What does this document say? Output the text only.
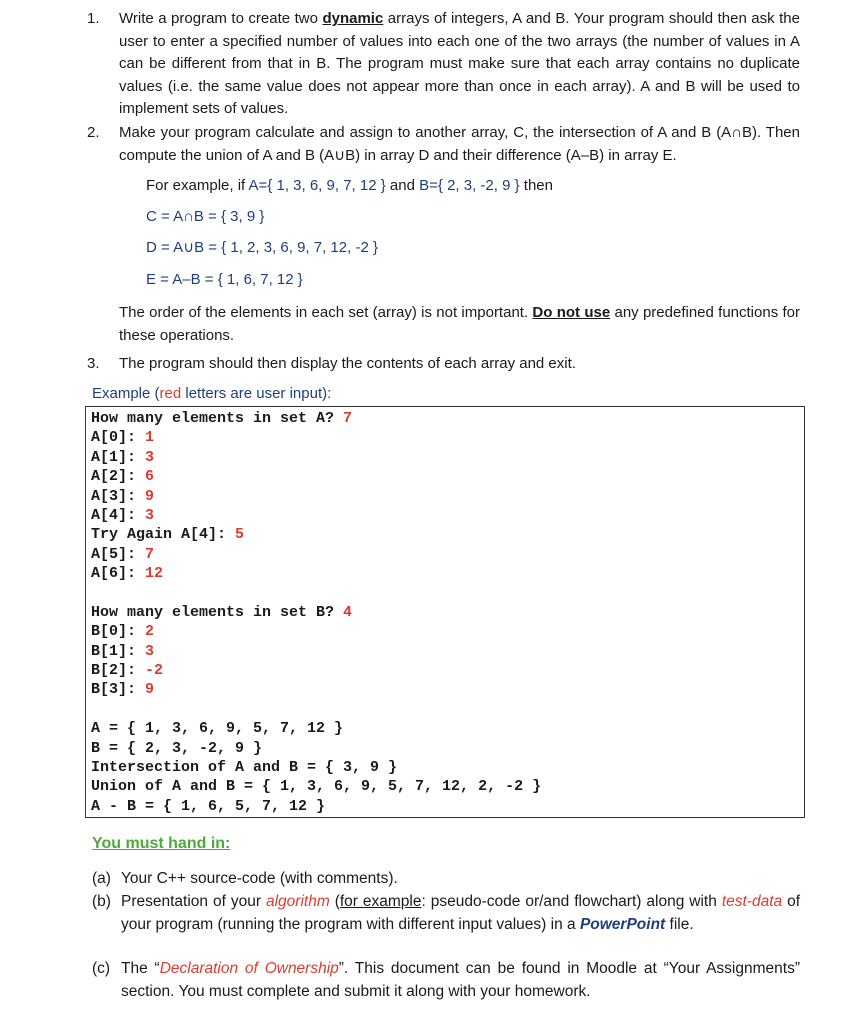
1. Write a program to create two dynamic arrays of integers, A and B. Your program should then ask the user to enter a specified number of values into each one of the two arrays (the number of values in A can be different from that in B. The program must make sure that each array contains no duplicate values (i.e. the same value does not appear more than once in each array). A and B will be used to implement sets of values.
2. Make your program calculate and assign to another array, C, the intersection of A and B (A∩B). Then compute the union of A and B (A∪B) in array D and their difference (A–B) in array E.
For example, if A={ 1, 3, 6, 9, 7, 12 } and B={ 2, 3, -2, 9 } then
C = A∩B = { 3, 9 }
D = A∪B = { 1, 2, 3, 6, 9, 7, 12, -2 }
E = A–B = { 1, 6, 7, 12 }
The order of the elements in each set (array) is not important. Do not use any predefined functions for these operations.
3. The program should then display the contents of each array and exit.
Example (red letters are user input):
How many elements in set A? 7
A[0]: 1
A[1]: 3
A[2]: 6
A[3]: 9
A[4]: 3
Try Again A[4]: 5
A[5]: 7
A[6]: 12
How many elements in set B? 4
B[0]: 2
B[1]: 3
B[2]: -2
B[3]: 9
A = { 1, 3, 6, 9, 5, 7, 12 }
B = { 2, 3, -2, 9 }
Intersection of A and B = { 3, 9 }
Union of A and B = { 1, 3, 6, 9, 5, 7, 12, 2, -2 }
A - B = { 1, 6, 5, 7, 12 }
You must hand in:
(a) Your C++ source-code (with comments).
(b) Presentation of your algorithm (for example: pseudo-code or/and flowchart) along with test-data of your program (running the program with different input values) in a PowerPoint file.
(c) The “Declaration of Ownership”. This document can be found in Moodle at “Your Assignments” section. You must complete and submit it along with your homework.
